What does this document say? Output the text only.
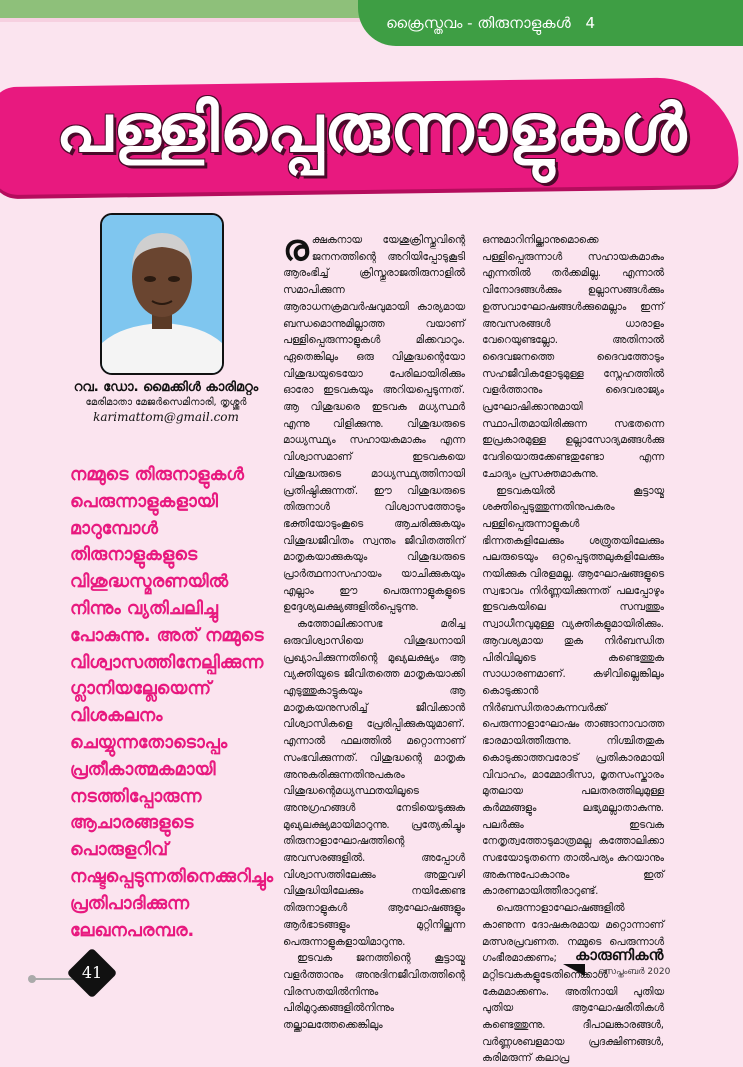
ക്രൈസ്തവം - തിരുനാളുകൾ 4
പള്ളിപ്പെരുന്നാളുകൾ
റവ. ഡോ. മൈക്കിൾ കാരിമറ്റം
മേരിമാതാ മേജർസെമിനാരി, തൃശ്ശൂർ
karimattom@gmail.com
നമ്മുടെ തിരുനാളുകൾ പെരുന്നാളുകളായി മാറുമ്പോൾ തിരുനാളുകളുടെ വിശുദ്ധസ്മരണയിൽ നിന്നും വ്യതിചലിച്ചു പോകുന്നു. അത് നമ്മുടെ വിശ്വാസത്തിനേല്പിക്കുന്ന ഗ്ലാനിയല്ലേയെന്ന് വിശകലനം ചെയ്യുന്നതോടൊപ്പം പ്രതീകാത്മകമായി നടത്തിപ്പോരുന്ന ആചാരങ്ങളുടെ പൊരുളറിവ് നഷ്ടപ്പെടുന്നതിനെക്കുറിച്ചും പ്രതിപാദിക്കുന്ന ലേഖനപരമ്പര.

രക്ഷകനായ യേശുക്രിസ്തുവിന്റെ ജനനത്തിന്റെ അറിയിപ്പോടുകൂടി ആരംഭിച്ച് ക്രിസ്തുരാജതിരുനാളിൽ സമാപിക്കുന്ന ആരാധനക്രമവർഷവുമായി കാര്യമായ ബന്ധമൊന്നുമില്ലാത്ത വയാണ് പള്ളിപ്പെരുന്നാളുകൾ മിക്കവാറും. ഏതെങ്കിലും ഒരു വിശുദ്ധന്റെയോ വിശുദ്ധയുടെയോ പേരിലായിരിക്കും ഓരോ ഇടവകയും അറിയപ്പെടുന്നത്. ആ വിശുദ്ധരെ ഇടവക മധ്യസ്ഥർ എന്നു വിളിക്കുന്നു. വിശുദ്ധരുടെ മാധ്യസ്ഥ്യം സഹായകമാകും എന്ന വിശ്വാസമാണ് ഇടവകയെ വിശുദ്ധരുടെ മാധ്യസ്ഥ്യത്തിനായി പ്രതിഷ്ഠിക്കുന്നത്. ഈ വിശുദ്ധരുടെ തിരുനാൾ വിശ്വാസത്തോടും ഭക്തിയോടുംകൂടെ ആചരിക്കുകയും വിശുദ്ധജീവിതം സ്വന്തം ജീവിതത്തിന് മാതൃകയാക്കുകയും വിശുദ്ധരുടെ പ്രാർത്ഥനാസഹായം യാചിക്കുകയും എല്ലാം ഈ പെരുന്നാളുകളുടെ ഉദ്ദേശ്യലക്ഷ്യങ്ങളിൽപ്പെടുന്നു.

കത്തോലിക്കാസഭ മരിച്ച ഒരുവിശ്വാസിയെ വിശുദ്ധനായി പ്രഖ്യാപിക്കുന്നതിന്റെ മുഖ്യലക്ഷ്യം ആ വ്യക്തിയുടെ ജീവിതത്തെ മാതൃകയാക്കി എടുത്തുകാട്ടുകയും ആ മാതൃകയനുസരിച്ച് ജീവിക്കാൻ വിശ്വാസികളെ പ്രേരിപ്പിക്കുകയുമാണ്. എന്നാൽ ഫലത്തിൽ മറ്റൊന്നാണ് സംഭവിക്കുന്നത്. വിശുദ്ധന്റെ മാതൃക അനുകരിക്കുന്നതിനുപകരം വിശുദ്ധന്റെമധ്യസ്ഥതയിലൂടെ അനുഗ്രഹങ്ങൾ നേടിയെടുക്കുക മുഖ്യലക്ഷ്യമായിമാറുന്നു. പ്രത്യേകിച്ചും തിരുനാളാഘോഷത്തിന്റെ അവസരങ്ങളിൽ. അപ്പോൾ വിശ്വാസത്തിലേക്കും അതുവഴി വിശുദ്ധിയിലേക്കും നയിക്കേണ്ട തിരുനാളുകൾ ആഘോഷങ്ങളും ആർഭാടങ്ങളും മുറ്റിനില്ക്കുന്ന പെരുന്നാളുകളായിമാറുന്നു.

ഇടവക ജനത്തിന്റെ കൂട്ടായ്മ വളർത്താനും അനുദിനജീവിതത്തിന്റെ വിരസതയിൽനിന്നും പിരിമുറുക്കങ്ങളിൽനിന്നും തല്ക്കാലത്തേക്കെങ്കിലും

ഒന്നുമാറിനില്ക്കാനുമൊക്കെ പള്ളിപ്പെരുന്നാൾ സഹായകമാകും എന്നതിൽ തർക്കമില്ല. എന്നാൽ വിനോദങ്ങൾക്കും ഉല്ലാസങ്ങൾക്കും ഉത്സവാഘോഷങ്ങൾക്കുമെല്ലാം ഇന്ന് അവസരങ്ങൾ ധാരാളം വേറെയുണ്ടല്ലോ. അതിനാൽ ദൈവജനത്തെ ദൈവത്തോടും സഹജീവികളോടുമുള്ള സ്നേഹത്തിൽ വളർത്താനും ദൈവരാജ്യം പ്രഘോഷിക്കാനുമായി സ്ഥാപിതമായിരിക്കുന്ന സഭതന്നെ ഇപ്രകാരമുള്ള ഉല്ലാസോദ്യമങ്ങൾക്കു വേദിയൊരുക്കേണ്ടതുണ്ടോ എന്ന ചോദ്യം പ്രസക്തമാകുന്നു.

ഇടവകയിൽ കൂട്ടായ്മ ശക്തിപ്പെടുത്തുന്നതിനുപകരം പള്ളിപ്പെരുന്നാളുകൾ ഭിന്നതകളിലേക്കും ശത്രുതയിലേക്കും പലരുടെയും ഒറ്റപ്പെടുത്തലുകളിലേക്കും നയിക്കുക വിരളമല്ല. ആഘോഷങ്ങളുടെ സ്വഭാവം നിർണ്ണയിക്കുന്നത് പലപ്പോഴും ഇടവകയിലെ സമ്പത്തും സ്വാധീനവുമുള്ള വ്യക്തികളുമായിരിക്കും. ആവശ്യമായ തുക നിർബന്ധിത പിരിവിലൂടെ കണ്ടെത്തുക സാധാരണമാണ്. കഴിവില്ലെങ്കിലും കൊടുക്കാൻ നിർബന്ധിതരാകുന്നവർക്ക് പെരുന്നാളാഘോഷം താങ്ങാനാവാത്ത ഭാരമായിത്തീരുന്നു. നിശ്ചിതതുക കൊടുക്കാത്തവരോട് പ്രതികാരമായി വിവാഹം, മാമ്മോദീസാ, മൃതസംസ്കാരം മുതലായ പലതരത്തിലുമുള്ള കർമ്മങ്ങളും ലഭ്യമല്ലാതാകുന്നു. പലർക്കും ഇടവക നേതൃത്വത്തോടുമാത്രമല്ല കത്തോലിക്കാ സഭയോടുതന്നെ താൽപര്യം കുറയാനും അകന്നുപോകാനും ഇത് കാരണമായിത്തീരാറുണ്ട്.

പെരുന്നാളാഘോഷങ്ങളിൽ കാണുന്ന ദോഷകരമായ മറ്റൊന്നാണ് മത്സരപ്രവണത. നമ്മുടെ പെരുന്നാൾ ഗംഭീരമാക്കണം; മറ്റിടവകകളുടേതിനെക്കാൾ കേമമാക്കണം. അതിനായി പുതിയ പുതിയ ആഘോഷരീതികൾ കണ്ടെത്തുന്നു. ദീപാലങ്കാരങ്ങൾ, വർണ്ണശബളമായ പ്രദക്ഷിണങ്ങൾ, കരിമരുന്ന് കലാപ്ര

41
കാരുണികൻ
സെപ്തംബർ 2020
